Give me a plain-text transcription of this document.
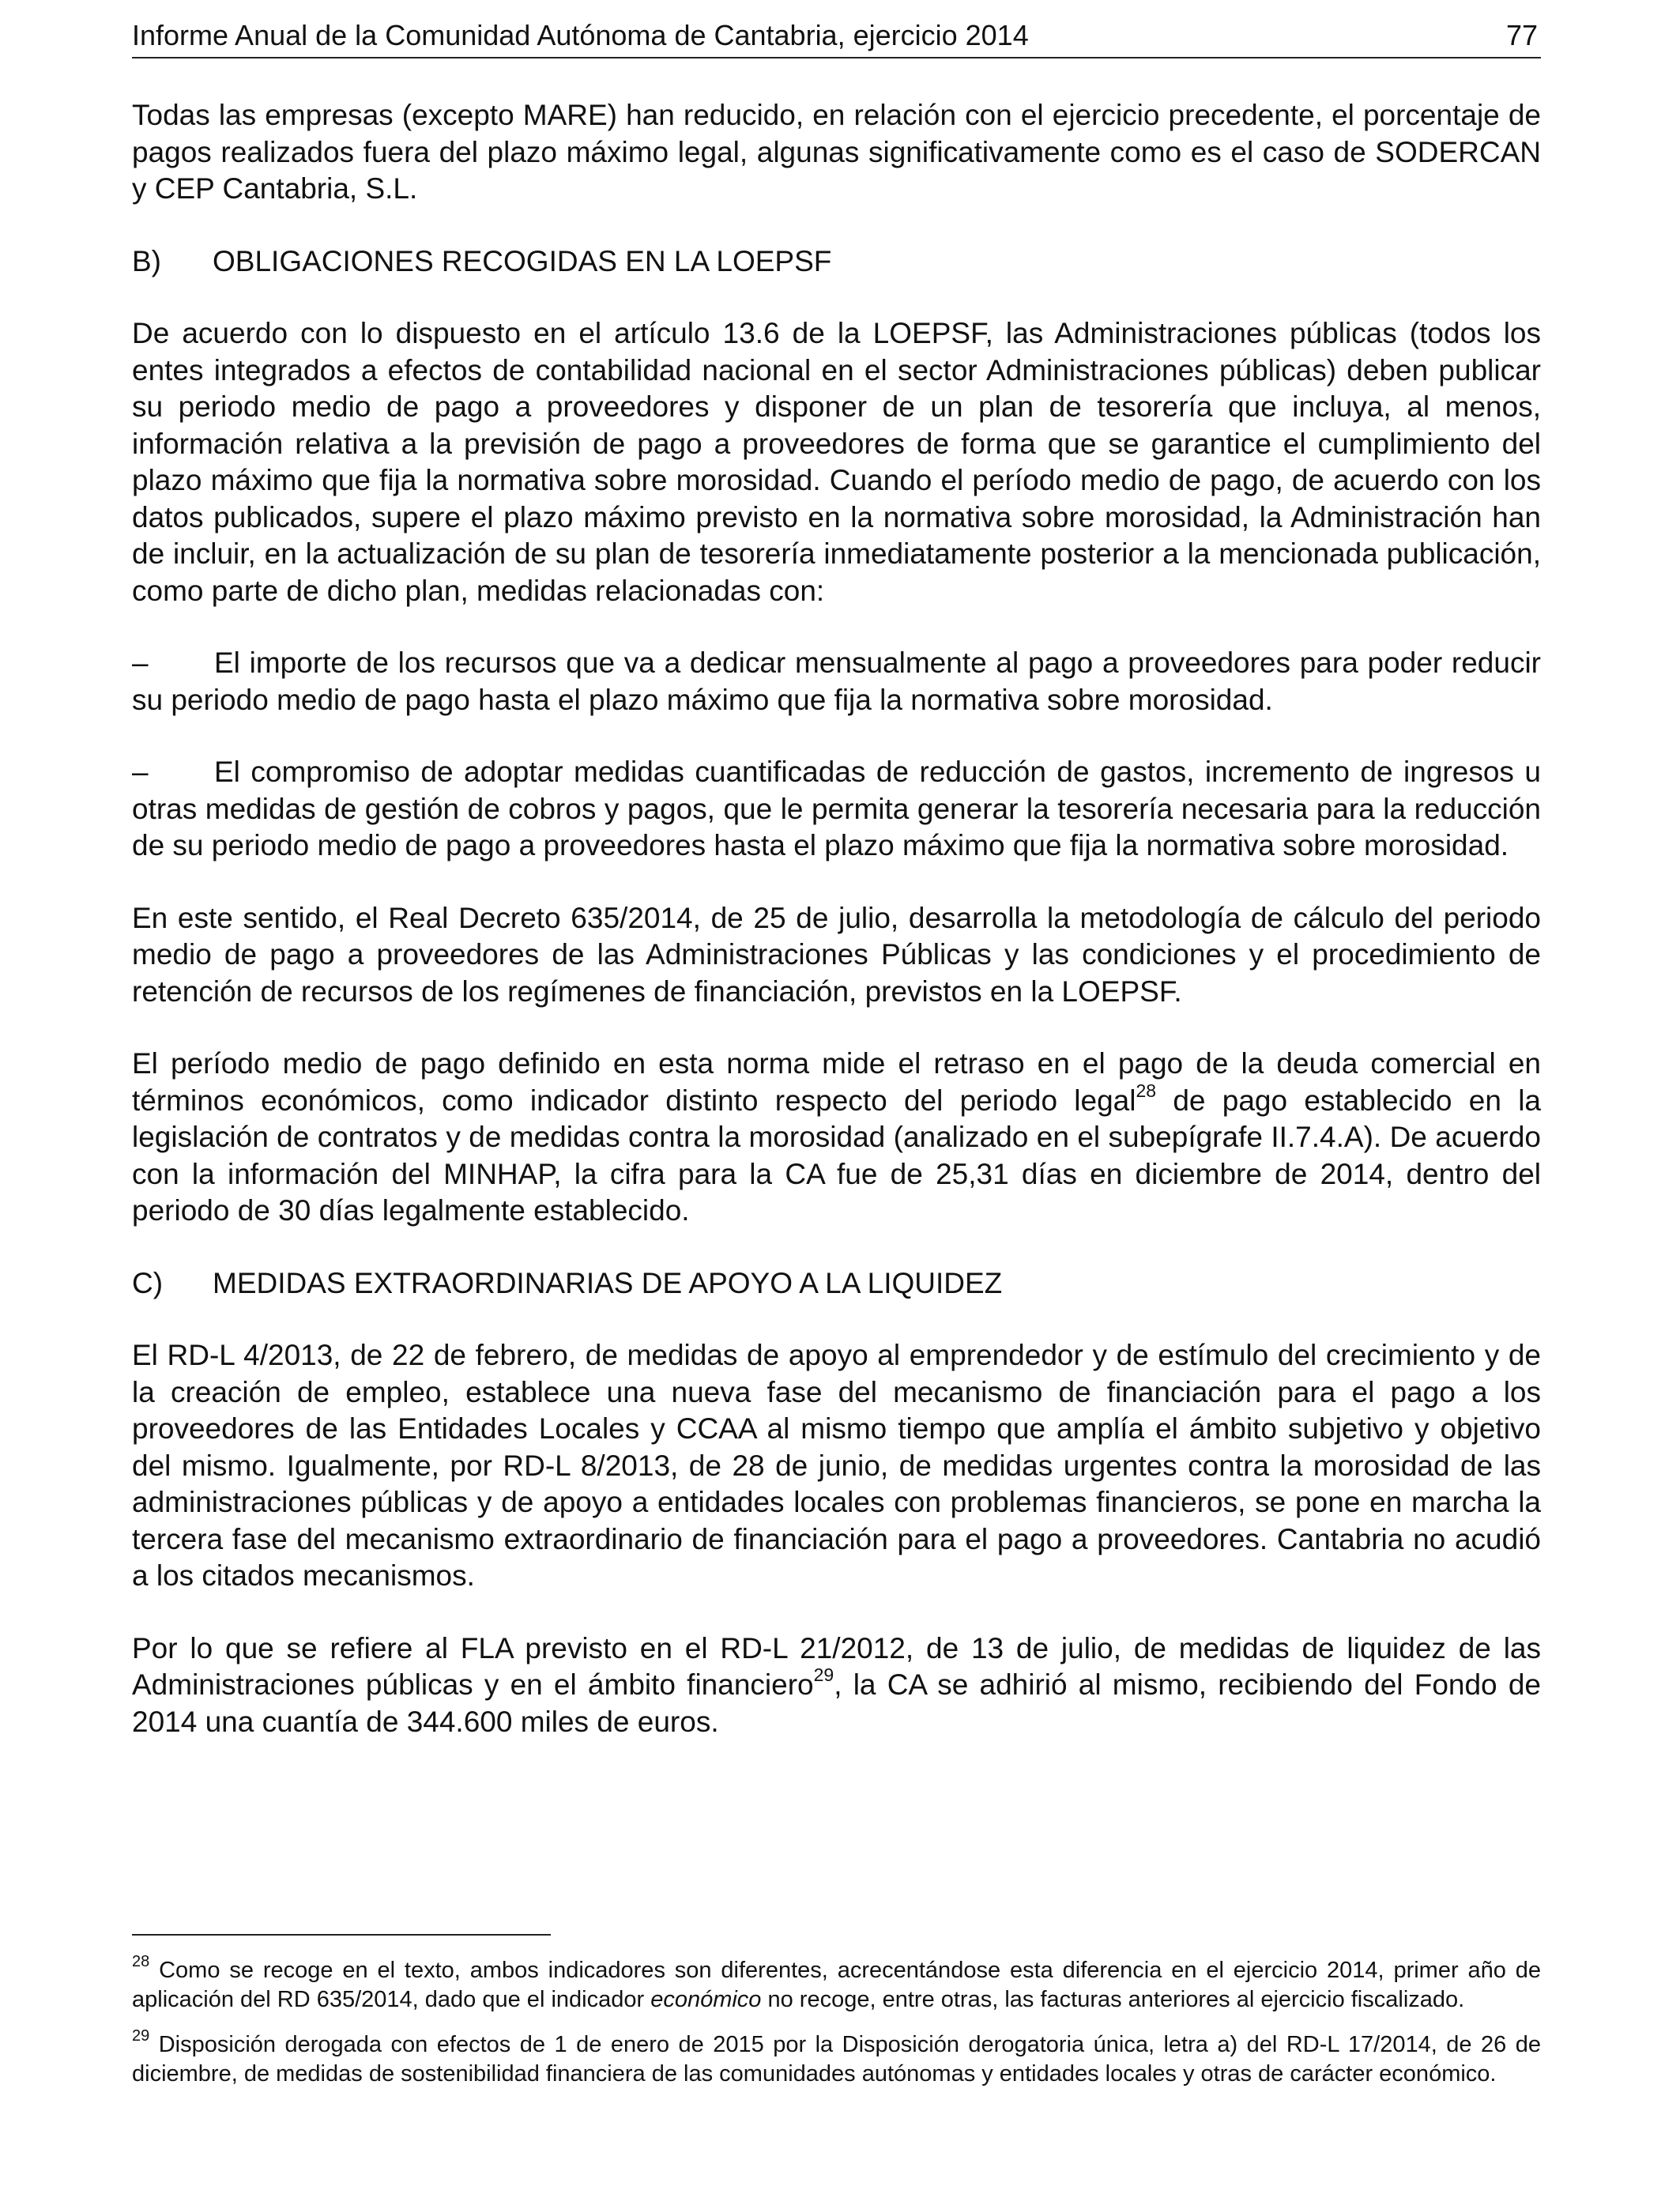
Informe Anual de la Comunidad Autónoma de Cantabria, ejercicio 2014	77

Todas las empresas (excepto MARE) han reducido, en relación con el ejercicio precedente, el porcentaje de pagos realizados fuera del plazo máximo legal, algunas significativamente como es el caso de SODERCAN y CEP Cantabria, S.L.

B) OBLIGACIONES RECOGIDAS EN LA LOEPSF

De acuerdo con lo dispuesto en el artículo 13.6 de la LOEPSF, las Administraciones públicas (todos los entes integrados a efectos de contabilidad nacional en el sector Administraciones públicas) deben publicar su periodo medio de pago a proveedores y disponer de un plan de tesorería que incluya, al menos, información relativa a la previsión de pago a proveedores de forma que se garantice el cumplimiento del plazo máximo que fija la normativa sobre morosidad. Cuando el período medio de pago, de acuerdo con los datos publicados, supere el plazo máximo previsto en la normativa sobre morosidad, la Administración han de incluir, en la actualización de su plan de tesorería inmediatamente posterior a la mencionada publicación, como parte de dicho plan, medidas relacionadas con:

– El importe de los recursos que va a dedicar mensualmente al pago a proveedores para poder reducir su periodo medio de pago hasta el plazo máximo que fija la normativa sobre morosidad.

– El compromiso de adoptar medidas cuantificadas de reducción de gastos, incremento de ingresos u otras medidas de gestión de cobros y pagos, que le permita generar la tesorería necesaria para la reducción de su periodo medio de pago a proveedores hasta el plazo máximo que fija la normativa sobre morosidad.

En este sentido, el Real Decreto 635/2014, de 25 de julio, desarrolla la metodología de cálculo del periodo medio de pago a proveedores de las Administraciones Públicas y las condiciones y el procedimiento de retención de recursos de los regímenes de financiación, previstos en la LOEPSF.

El período medio de pago definido en esta norma mide el retraso en el pago de la deuda comercial en términos económicos, como indicador distinto respecto del periodo legal$^{28}$ de pago establecido en la legislación de contratos y de medidas contra la morosidad (analizado en el subepígrafe II.7.4.A). De acuerdo con la información del MINHAP, la cifra para la CA fue de 25,31 días en diciembre de 2014, dentro del periodo de 30 días legalmente establecido.

C) MEDIDAS EXTRAORDINARIAS DE APOYO A LA LIQUIDEZ

El RD-L 4/2013, de 22 de febrero, de medidas de apoyo al emprendedor y de estímulo del crecimiento y de la creación de empleo, establece una nueva fase del mecanismo de financiación para el pago a los proveedores de las Entidades Locales y CCAA al mismo tiempo que amplía el ámbito subjetivo y objetivo del mismo. Igualmente, por RD-L 8/2013, de 28 de junio, de medidas urgentes contra la morosidad de las administraciones públicas y de apoyo a entidades locales con problemas financieros, se pone en marcha la tercera fase del mecanismo extraordinario de financiación para el pago a proveedores. Cantabria no acudió a los citados mecanismos.

Por lo que se refiere al FLA previsto en el RD-L 21/2012, de 13 de julio, de medidas de liquidez de las Administraciones públicas y en el ámbito financiero$^{29}$, la CA se adhirió al mismo, recibiendo del Fondo de 2014 una cuantía de 344.600 miles de euros.

$^{28}$ Como se recoge en el texto, ambos indicadores son diferentes, acrecentándose esta diferencia en el ejercicio 2014, primer año de aplicación del RD 635/2014, dado que el indicador económico no recoge, entre otras, las facturas anteriores al ejercicio fiscalizado.

$^{29}$ Disposición derogada con efectos de 1 de enero de 2015 por la Disposición derogatoria única, letra a) del RD-L 17/2014, de 26 de diciembre, de medidas de sostenibilidad financiera de las comunidades autónomas y entidades locales y otras de carácter económico.
